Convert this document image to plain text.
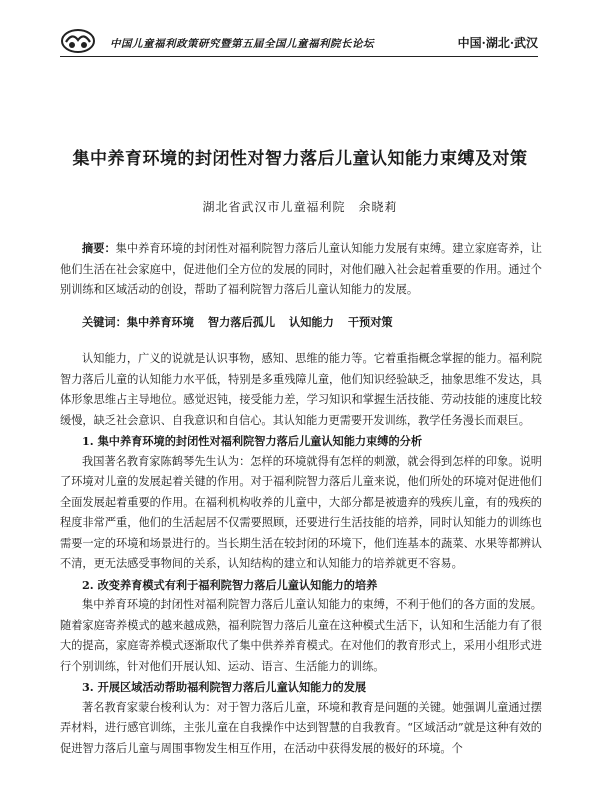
中国儿童福利政策研究暨第五届全国儿童福利院长论坛	中国·湖北·武汉
集中养育环境的封闭性对智力落后儿童认知能力束缚及对策
湖北省武汉市儿童福利院　余晓莉

摘要：集中养育环境的封闭性对福利院智力落后儿童认知能力发展有束缚。建立家庭寄养，让他们生活在社会家庭中，促进他们全方位的发展的同时，对他们融入社会起着重要的作用。通过个别训练和区域活动的创设，帮助了福利院智力落后儿童认知能力的发展。

关键词：集中养育环境 智力落后孤儿 认知能力 干预对策

认知能力，广义的说就是认识事物，感知、思维的能力等。它着重指概念掌握的能力。福利院智力落后儿童的认知能力水平低，特别是多重残障儿童，他们知识经验缺乏，抽象思维不发达，具体形象思维占主导地位。感觉迟钝，接受能力差，学习知识和掌握生活技能、劳动技能的速度比较缓慢，缺乏社会意识、自我意识和自信心。其认知能力更需要开发训练，教学任务漫长而艰巨。

1. 集中养育环境的封闭性对福利院智力落后儿童认知能力束缚的分析

我国著名教育家陈鹤琴先生认为：怎样的环境就得有怎样的刺激，就会得到怎样的印象。说明了环境对儿童的发展起着关键的作用。对于福利院智力落后儿童来说，他们所处的环境对促进他们全面发展起着重要的作用。在福利机构收养的儿童中，大部分都是被遗弃的残疾儿童，有的残疾的程度非常严重，他们的生活起居不仅需要照顾，还要进行生活技能的培养，同时认知能力的训练也需要一定的环境和场景进行的。当长期生活在较封闭的环境下，他们连基本的蔬菜、水果等都辨认不清，更无法感受事物间的关系，认知结构的建立和认知能力的培养就更不容易。

2. 改变养育模式有利于福利院智力落后儿童认知能力的培养

集中养育环境的封闭性对福利院智力落后儿童认知能力的束缚，不利于他们的各方面的发展。随着家庭寄养模式的越来越成熟，福利院智力落后儿童在这种模式生活下，认知和生活能力有了很大的提高，家庭寄养模式逐渐取代了集中供养养育模式。在对他们的教育形式上，采用小组形式进行个别训练，针对他们开展认知、运动、语言、生活能力的训练。

3. 开展区域活动帮助福利院智力落后儿童认知能力的发展

著名教育家蒙台梭利认为：对于智力落后儿童，环境和教育是问题的关键。她强调儿童通过摆弄材料，进行感官训练，主张儿童在自我操作中达到智慧的自我教育。“区域活动”就是这种有效的促进智力落后儿童与周围事物发生相互作用，在活动中获得发展的极好的环境。个
